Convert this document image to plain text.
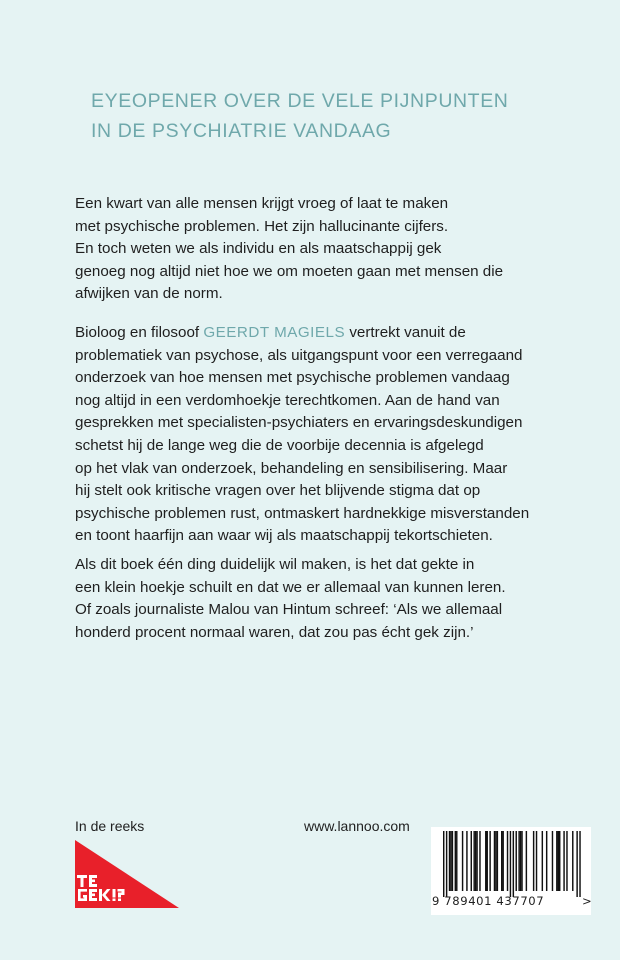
EYEOPENER OVER DE VELE PIJNPUNTEN
IN DE PSYCHIATRIE VANDAAG
Een kwart van alle mensen krijgt vroeg of laat te maken
met psychische problemen. Het zijn hallucinante cijfers.
En toch weten we als individu en als maatschappij gek
genoeg nog altijd niet hoe we om moeten gaan met mensen die
afwijken van de norm.
Bioloog en filosoof GEERDT MAGIELS vertrekt vanuit de
problematiek van psychose, als uitgangspunt voor een verregaand
onderzoek van hoe mensen met psychische problemen vandaag
nog altijd in een verdomhoekje terechtkomen. Aan de hand van
gesprekken met specialisten-psychiaters en ervaringsdeskundigen
schetst hij de lange weg die de voorbije decennia is afgelegd
op het vlak van onderzoek, behandeling en sensibilisering. Maar
hij stelt ook kritische vragen over het blijvende stigma dat op
psychische problemen rust, ontmaskert hardnekkige misverstanden
en toont haarfijn aan waar wij als maatschappij tekortschieten.
Als dit boek één ding duidelijk wil maken, is het dat gekte in
een klein hoekje schuilt en dat we er allemaal van kunnen leren.
Of zoals journaliste Malou van Hintum schreef: ‘Als we allemaal
honderd procent normaal waren, dat zou pas écht gek zijn.’
In de reeks	www.lannoo.com
9 789401 437707	>
